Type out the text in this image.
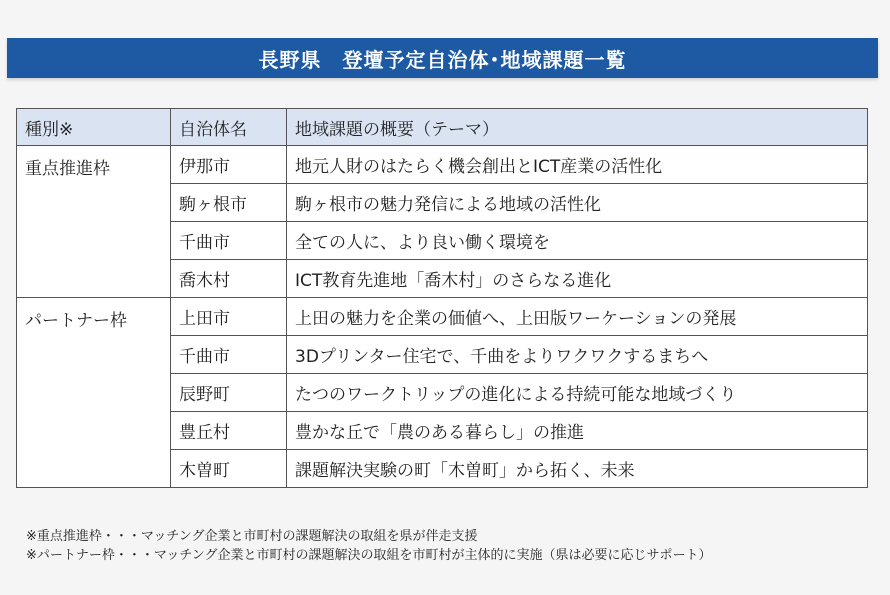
長野県　登壇予定自治体･地域課題一覧
種別※	自治体名	地域課題の概要（テーマ）
重点推進枠	伊那市	地元人財のはたらく機会創出とICT産業の活性化
	駒ヶ根市	駒ヶ根市の魅力発信による地域の活性化
	千曲市	全ての人に、より良い働く環境を
	喬木村	ICT教育先進地「喬木村」のさらなる進化
パートナー枠	上田市	上田の魅力を企業の価値へ、上田版ワーケーションの発展
	千曲市	3Dプリンター住宅で、千曲をよりワクワクするまちへ
	辰野町	たつのワークトリップの進化による持続可能な地域づくり
	豊丘村	豊かな丘で「農のある暮らし」の推進
	木曽町	課題解決実験の町「木曽町」から拓く、未来
※重点推進枠・・・マッチング企業と市町村の課題解決の取組を県が伴走支援
※パートナー枠・・・マッチング企業と市町村の課題解決の取組を市町村が主体的に実施（県は必要に応じサポート）
